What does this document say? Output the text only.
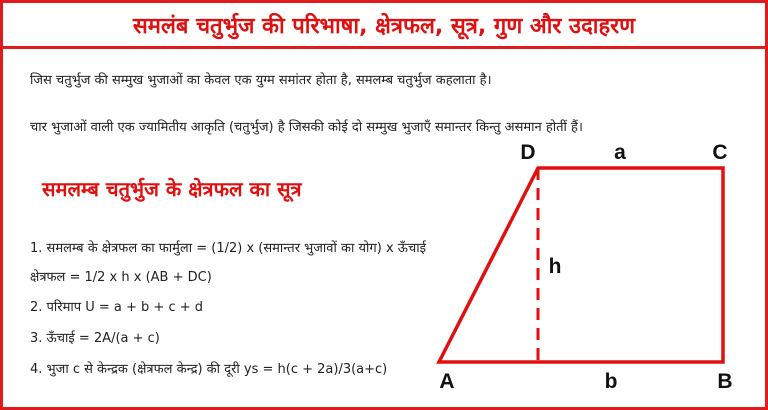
समलंब चतुर्भुज की परिभाषा, क्षेत्रफल, सूत्र, गुण और उदाहरण
जिस चतुर्भुज की सम्मुख भुजाओं का केवल एक युग्म समांतर होता है, समलम्ब चतुर्भुज कहलाता है।
चार भुजाओं वाली एक ज्यामितीय आकृति (चतुर्भुज) है जिसकी कोई दो सम्मुख भुजाएँ समान्तर किन्तु असमान होतीं हैं।
समलम्ब चतुर्भुज के क्षेत्रफल का सूत्र
1. समलम्ब के क्षेत्रफल का फार्मुला = (1/2) x (समान्तर भुजावों का योग) x ऊँचाई
क्षेत्रफल = 1/2 x h x (AB + DC)
2. परिमाप U = a + b + c + d
3. ऊँचाई = 2A/(a + c)
4. भुजा c से केन्द्रक (क्षेत्रफल केन्द्र) की दूरी ys = h(c + 2a)/3(a+c)
D	a	C
h
A	b	B
